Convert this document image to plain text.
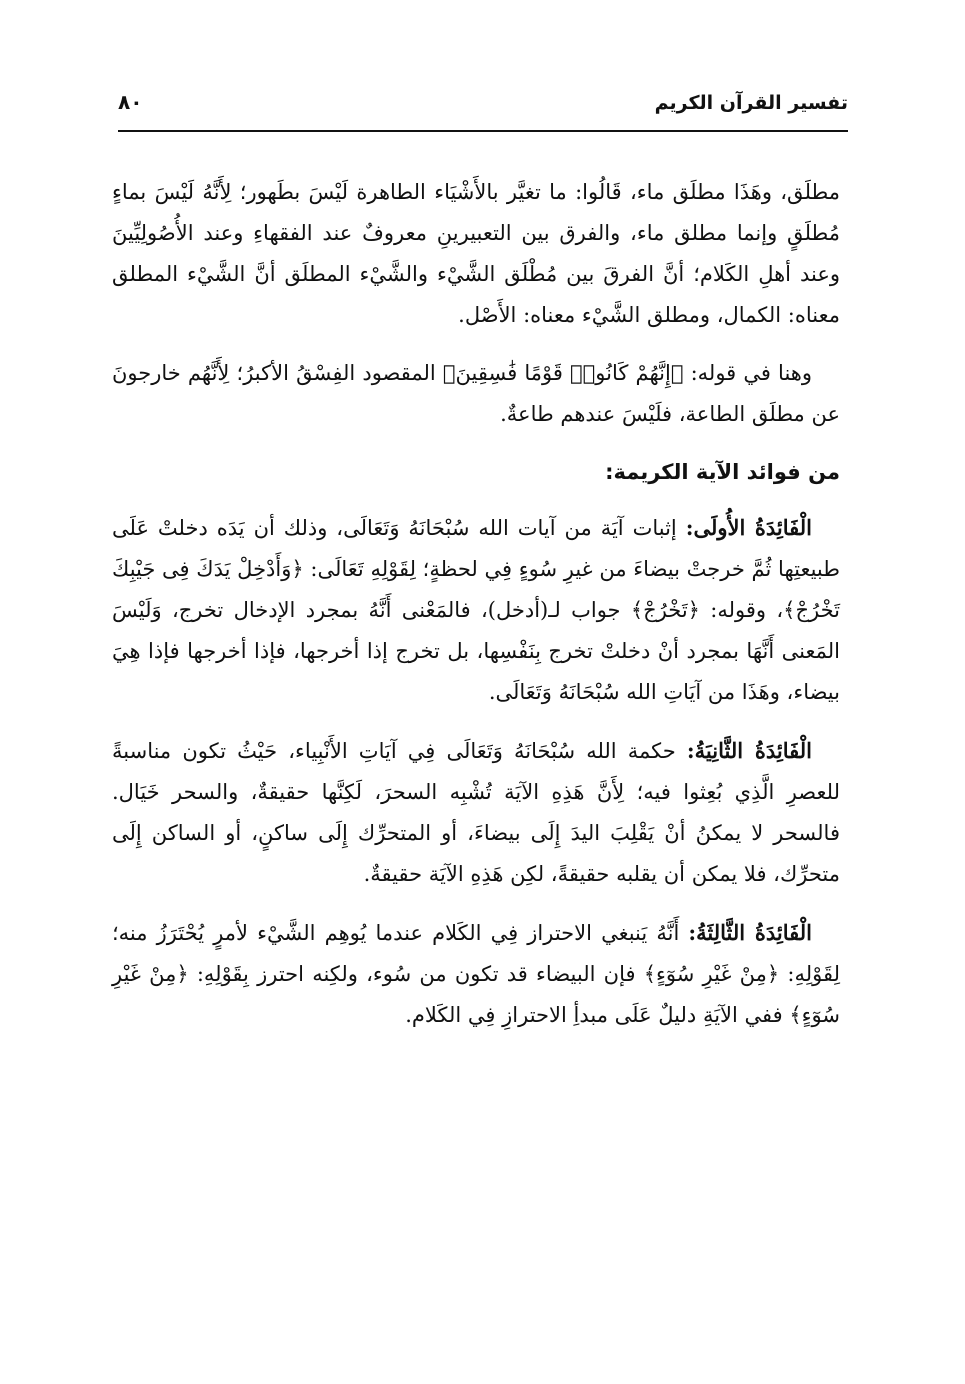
تفسير القرآن الكريم
٨٠

مطلَق، وهَذَا مطلَق ماء، قَالُوا: ما تغيَّر بالأَشْيَاء الطاهرة لَيْسَ بطَهور؛ لِأَنَّهُ لَيْسَ بماءٍ مُطلَقٍ وإنما مطلق ماء، والفرق بين التعبيرينِ معروفٌ عند الفقهاءِ وعند الأُصُولِيِّينَ وعند أهلِ الكَلام؛ أنَّ الفرقَ بين مُطْلَق الشَّيْء والشَّيْء المطلَق أنَّ الشَّيْء المطلق معناه: الكمال، ومطلق الشَّيْء معناه: الأَصْل.

وهنا في قوله: ﴿إِنَّهُمْ كَانُوا۟ قَوْمًا فَٰسِقِينَ﴾ المقصود الفِسْقُ الأكبرُ؛ لِأَنَّهُم خارجونَ عن مطلَق الطاعة، فلَيْسَ عندهم طاعةٌ.

من فوائد الآية الكريمة:

الْفَائِدَةُ الأُولَى: إثبات آيَة من آيات الله سُبْحَانَهُ وَتَعَالَى، وذلك أن يَدَه دخلتْ عَلَى طبيعتِها ثُمَّ خرجتْ بيضاءَ من غيرِ سُوءٍ فِي لحظةٍ؛ لِقَوْلِهِ تَعَالَى: ﴿وَأَدْخِلْ يَدَكَ فِى جَيْبِكَ تَخْرُجْ﴾، وقوله: ﴿تَخْرُجْ﴾ جواب لـ(أدخل)، فالمَعْنى أَنَّهُ بمجرد الإدخال تخرج، وَلَيْسَ المَعنى أَنَّهَا بمجرد أنْ دخلتْ تخرج بِنَفْسِها، بل تخرج إذا أخرجها، فإذا أخرجها فإذا هِيَ بيضاء، وهَذَا من آيَاتِ الله سُبْحَانَهُ وَتَعَالَى.

الْفَائِدَةُ الثَّانِيَةُ: حكمة الله سُبْحَانَهُ وَتَعَالَى فِي آيَاتِ الأَنْبِياء، حَيْثُ تكون مناسبةً للعصرِ الَّذِي بُعِثوا فيه؛ لِأَنَّ هَذِهِ الآيَة تُشْبِه السحرَ، لَكِنَّها حقيقةٌ، والسحر خَيَال. فالسحر لا يمكنُ أنْ يَقْلِبَ اليدَ إِلَى بيضاءَ، أو المتحرِّك إِلَى ساكنٍ، أو الساكن إِلَى متحرِّك، فلا يمكن أن يقلبه حقيقةً، لكِن هَذِهِ الآيَة حقيقةٌ.

الْفَائِدَةُ الثَّالِثَةُ: أَنَّهُ يَنبغي الاحتراز فِي الكَلام عندما يُوهِم الشَّيْء لأمرٍ يُحْتَرَزُ منه؛ لِقَوْلِهِ: ﴿مِنْ غَيْرِ سُوٓءٍ﴾ فإن البيضاء قد تكون من سُوء، ولكِنه احترز بِقَوْلِهِ: ﴿مِنْ غَيْرِ سُوٓءٍ﴾ ففي الآيَةِ دليلٌ عَلَى مبدأِ الاحترازِ فِي الكَلام.
